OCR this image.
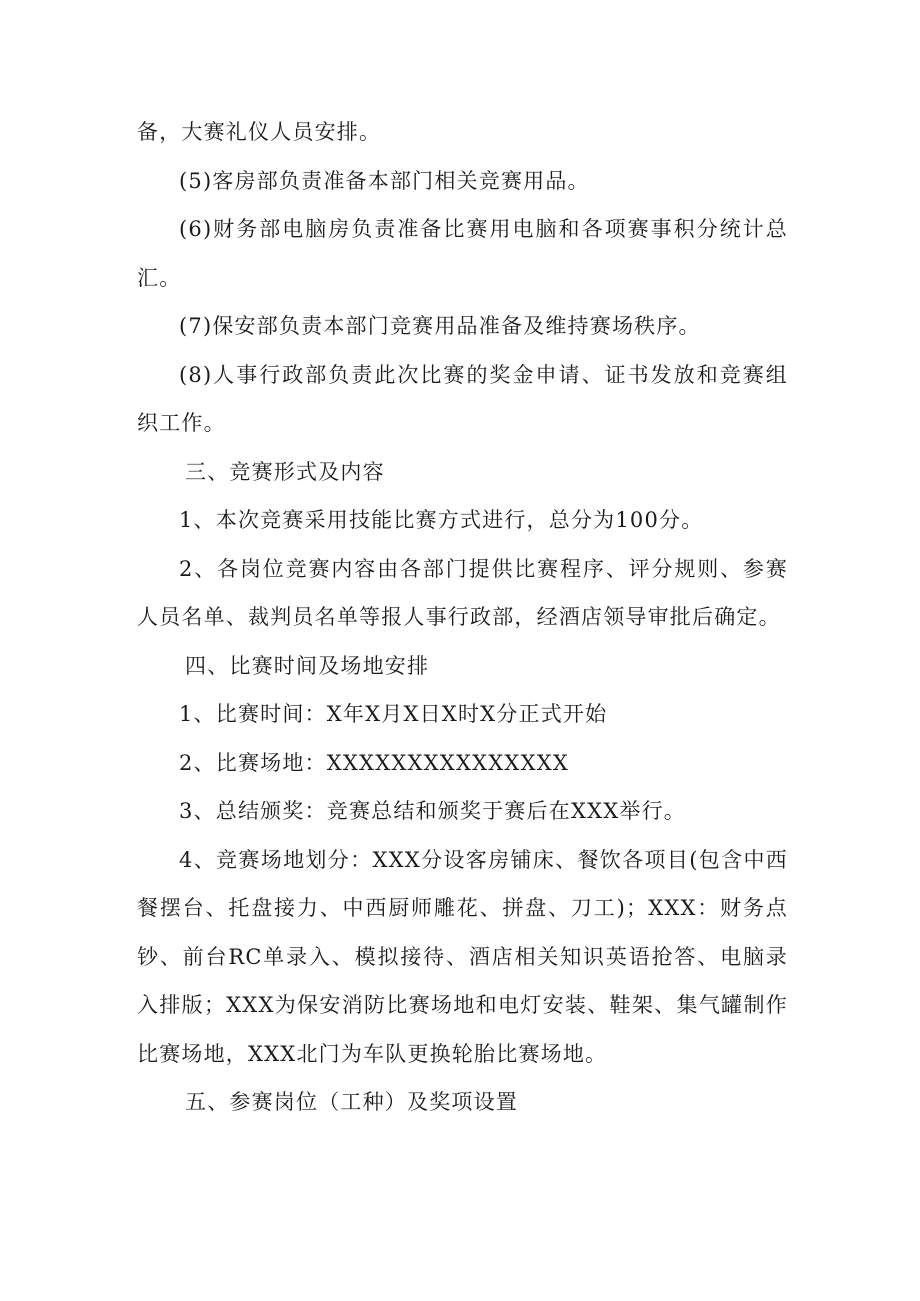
备，大赛礼仪人员安排。

(5)客房部负责准备本部门相关竞赛用品。

(6)财务部电脑房负责准备比赛用电脑和各项赛事积分统计总汇。

(7)保安部负责本部门竞赛用品准备及维持赛场秩序。

(8)人事行政部负责此次比赛的奖金申请、证书发放和竞赛组织工作。

三、竞赛形式及内容

1、本次竞赛采用技能比赛方式进行，总分为100分。

2、各岗位竞赛内容由各部门提供比赛程序、评分规则、参赛人员名单、裁判员名单等报人事行政部，经酒店领导审批后确定。

四、比赛时间及场地安排

1、比赛时间：X年X月X日X时X分正式开始

2、比赛场地：XXXXXXXXXXXXXXX

3、总结颁奖：竞赛总结和颁奖于赛后在XXX举行。

4、竞赛场地划分：XXX分设客房铺床、餐饮各项目(包含中西餐摆台、托盘接力、中西厨师雕花、拼盘、刀工)；XXX：财务点钞、前台RC单录入、模拟接待、酒店相关知识英语抢答、电脑录入排版；XXX为保安消防比赛场地和电灯安装、鞋架、集气罐制作比赛场地，XXX北门为车队更换轮胎比赛场地。

五、参赛岗位（工种）及奖项设置
